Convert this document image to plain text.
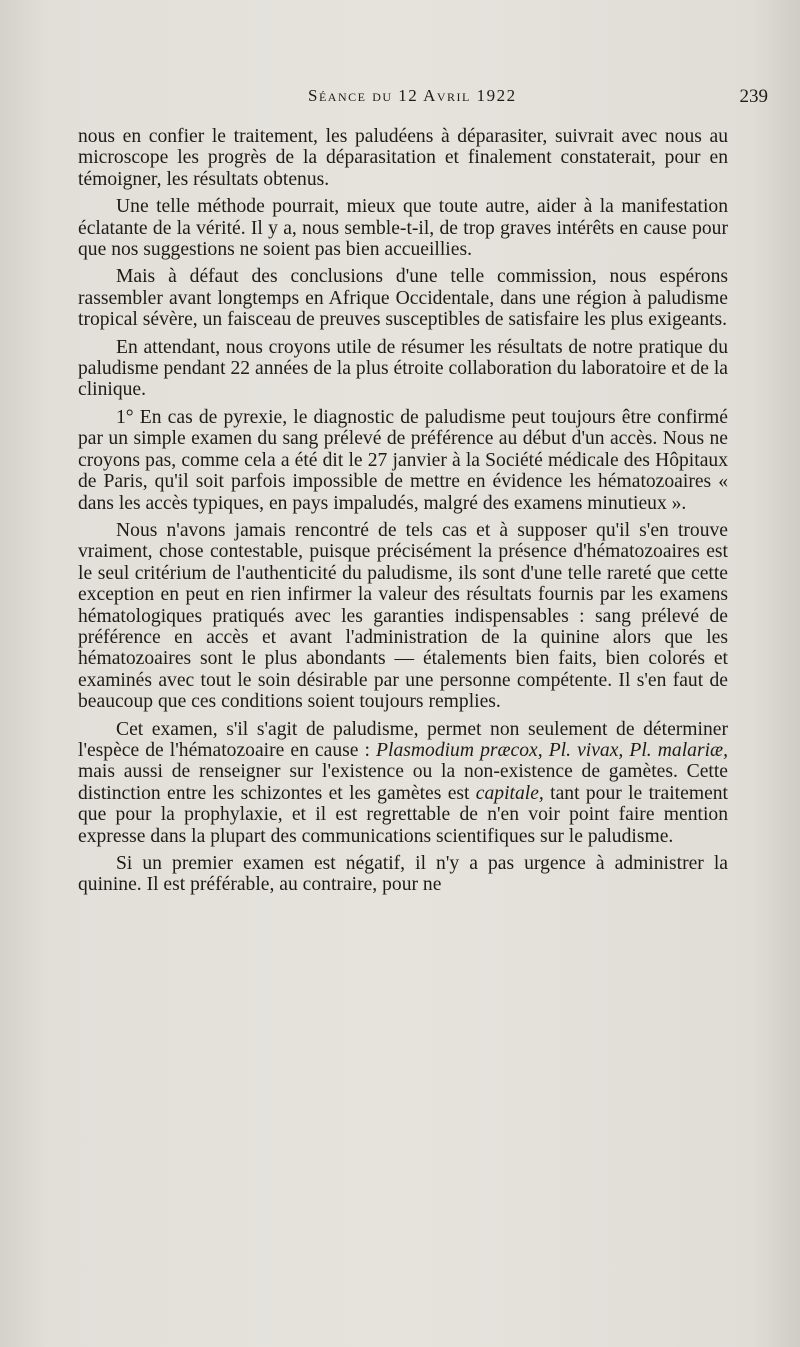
Séance du 12 Avril 1922	239

nous en confier le traitement, les paludéens à déparasiter, suivrait avec nous au microscope les progrès de la déparasitation et finalement constaterait, pour en témoigner, les résultats obtenus.

Une telle méthode pourrait, mieux que toute autre, aider à la manifestation éclatante de la vérité. Il y a, nous semble-t-il, de trop graves intérêts en cause pour que nos suggestions ne soient pas bien accueillies.

Mais à défaut des conclusions d'une telle commission, nous espérons rassembler avant longtemps en Afrique Occidentale, dans une région à paludisme tropical sévère, un faisceau de preuves susceptibles de satisfaire les plus exigeants.

En attendant, nous croyons utile de résumer les résultats de notre pratique du paludisme pendant 22 années de la plus étroite collaboration du laboratoire et de la clinique.

1° En cas de pyrexie, le diagnostic de paludisme peut toujours être confirmé par un simple examen du sang prélevé de préférence au début d'un accès. Nous ne croyons pas, comme cela a été dit le 27 janvier à la Société médicale des Hôpitaux de Paris, qu'il soit parfois impossible de mettre en évidence les hématozoaires « dans les accès typiques, en pays impaludés, malgré des examens minutieux ».

Nous n'avons jamais rencontré de tels cas et à supposer qu'il s'en trouve vraiment, chose contestable, puisque précisément la présence d'hématozoaires est le seul critérium de l'authenticité du paludisme, ils sont d'une telle rareté que cette exception en peut en rien infirmer la valeur des résultats fournis par les examens hématologiques pratiqués avec les garanties indispensables : sang prélevé de préférence en accès et avant l'administration de la quinine alors que les hématozoaires sont le plus abondants — étalements bien faits, bien colorés et examinés avec tout le soin désirable par une personne compétente. Il s'en faut de beaucoup que ces conditions soient toujours remplies.

Cet examen, s'il s'agit de paludisme, permet non seulement de déterminer l'espèce de l'hématozoaire en cause : Plasmodium præcox, Pl. vivax, Pl. malariæ, mais aussi de renseigner sur l'existence ou la non-existence de gamètes. Cette distinction entre les schizontes et les gamètes est capitale, tant pour le traitement que pour la prophylaxie, et il est regrettable de n'en voir point faire mention expresse dans la plupart des communications scientifiques sur le paludisme.

Si un premier examen est négatif, il n'y a pas urgence à administrer la quinine. Il est préférable, au contraire, pour ne
